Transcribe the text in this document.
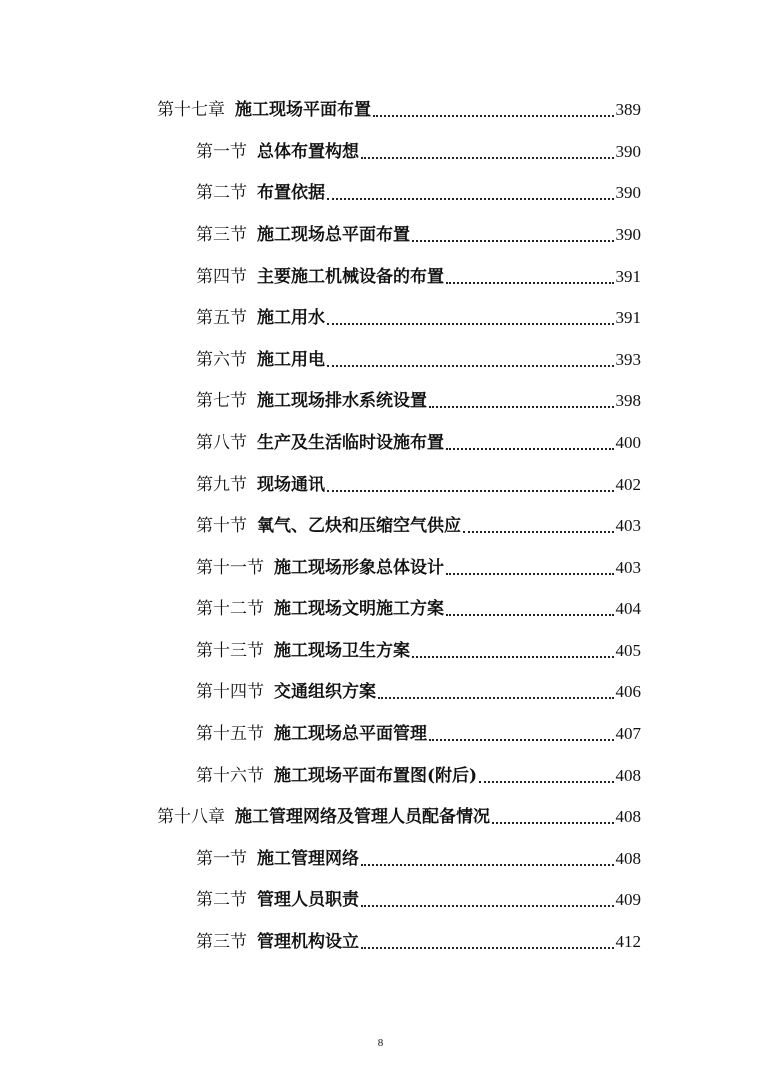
第十七章 施工现场平面布置	389
第一节 总体布置构想	390
第二节 布置依据	390
第三节 施工现场总平面布置	390
第四节 主要施工机械设备的布置	391
第五节 施工用水	391
第六节 施工用电	393
第七节 施工现场排水系统设置	398
第八节 生产及生活临时设施布置	400
第九节 现场通讯	402
第十节 氧气、乙炔和压缩空气供应	403
第十一节 施工现场形象总体设计	403
第十二节 施工现场文明施工方案	404
第十三节 施工现场卫生方案	405
第十四节 交通组织方案	406
第十五节 施工现场总平面管理	407
第十六节 施工现场平面布置图(附后)	408
第十八章 施工管理网络及管理人员配备情况	408
第一节 施工管理网络	408
第二节 管理人员职责	409
第三节 管理机构设立	412
8
